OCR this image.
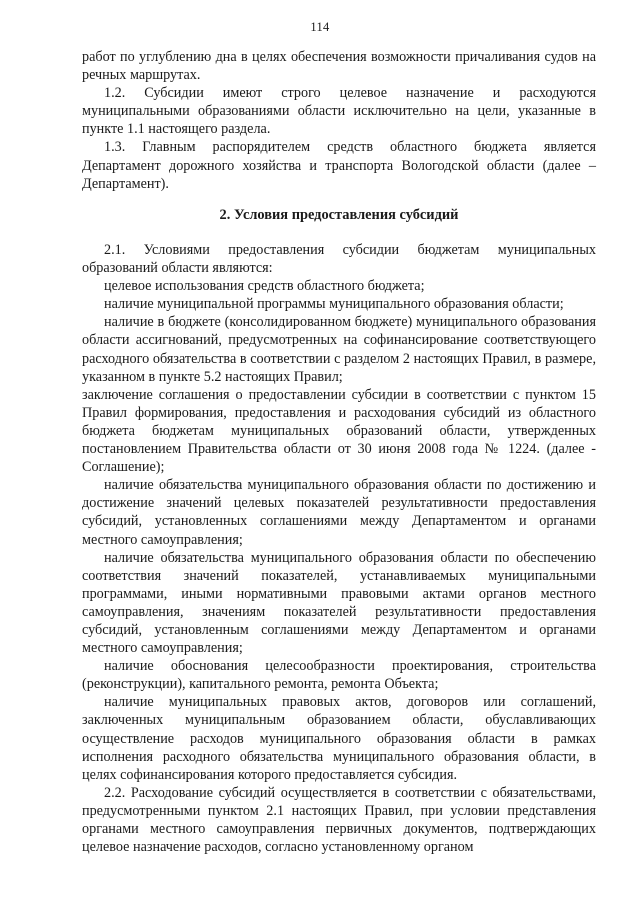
114

работ по углублению дна в целях обеспечения возможности причаливания судов на речных маршрутах.

1.2. Субсидии имеют строго целевое назначение и расходуются муниципальными образованиями области исключительно на цели, указанные в пункте 1.1 настоящего раздела.

1.3. Главным распорядителем средств областного бюджета является Департамент дорожного хозяйства и транспорта Вологодской области (далее – Департамент).

2. Условия предоставления субсидий

2.1. Условиями предоставления субсидии бюджетам муниципальных образований области являются:

целевое использования средств областного бюджета;

наличие муниципальной программы муниципального образования области;

наличие в бюджете (консолидированном бюджете) муниципального образования области ассигнований, предусмотренных на софинансирование соответствующего расходного обязательства в соответствии с разделом 2 настоящих Правил, в размере, указанном в пункте 5.2 настоящих Правил;

заключение соглашения о предоставлении субсидии в соответствии с пунктом 15 Правил формирования, предоставления и расходования субсидий из областного бюджета бюджетам муниципальных образований области, утвержденных постановлением Правительства области от 30 июня 2008 года № 1224. (далее - Соглашение);

наличие обязательства муниципального образования области по достижению и достижение значений целевых показателей результативности предоставления субсидий, установленных соглашениями между Департаментом и органами местного самоуправления;

наличие обязательства муниципального образования области по обеспечению соответствия значений показателей, устанавливаемых муниципальными программами, иными нормативными правовыми актами органов местного самоуправления, значениям показателей результативности предоставления субсидий, установленным соглашениями между Департаментом и органами местного самоуправления;

наличие обоснования целесообразности проектирования, строительства (реконструкции), капитального ремонта, ремонта Объекта;

наличие муниципальных правовых актов, договоров или соглашений, заключенных муниципальным образованием области, обуславливающих осуществление расходов муниципального образования области в рамках исполнения расходного обязательства муниципального образования области, в целях софинансирования которого предоставляется субсидия.

2.2. Расходование субсидий осуществляется в соответствии с обязательствами, предусмотренными пунктом 2.1 настоящих Правил, при условии представления органами местного самоуправления первичных документов, подтверждающих целевое назначение расходов, согласно установленному органом
